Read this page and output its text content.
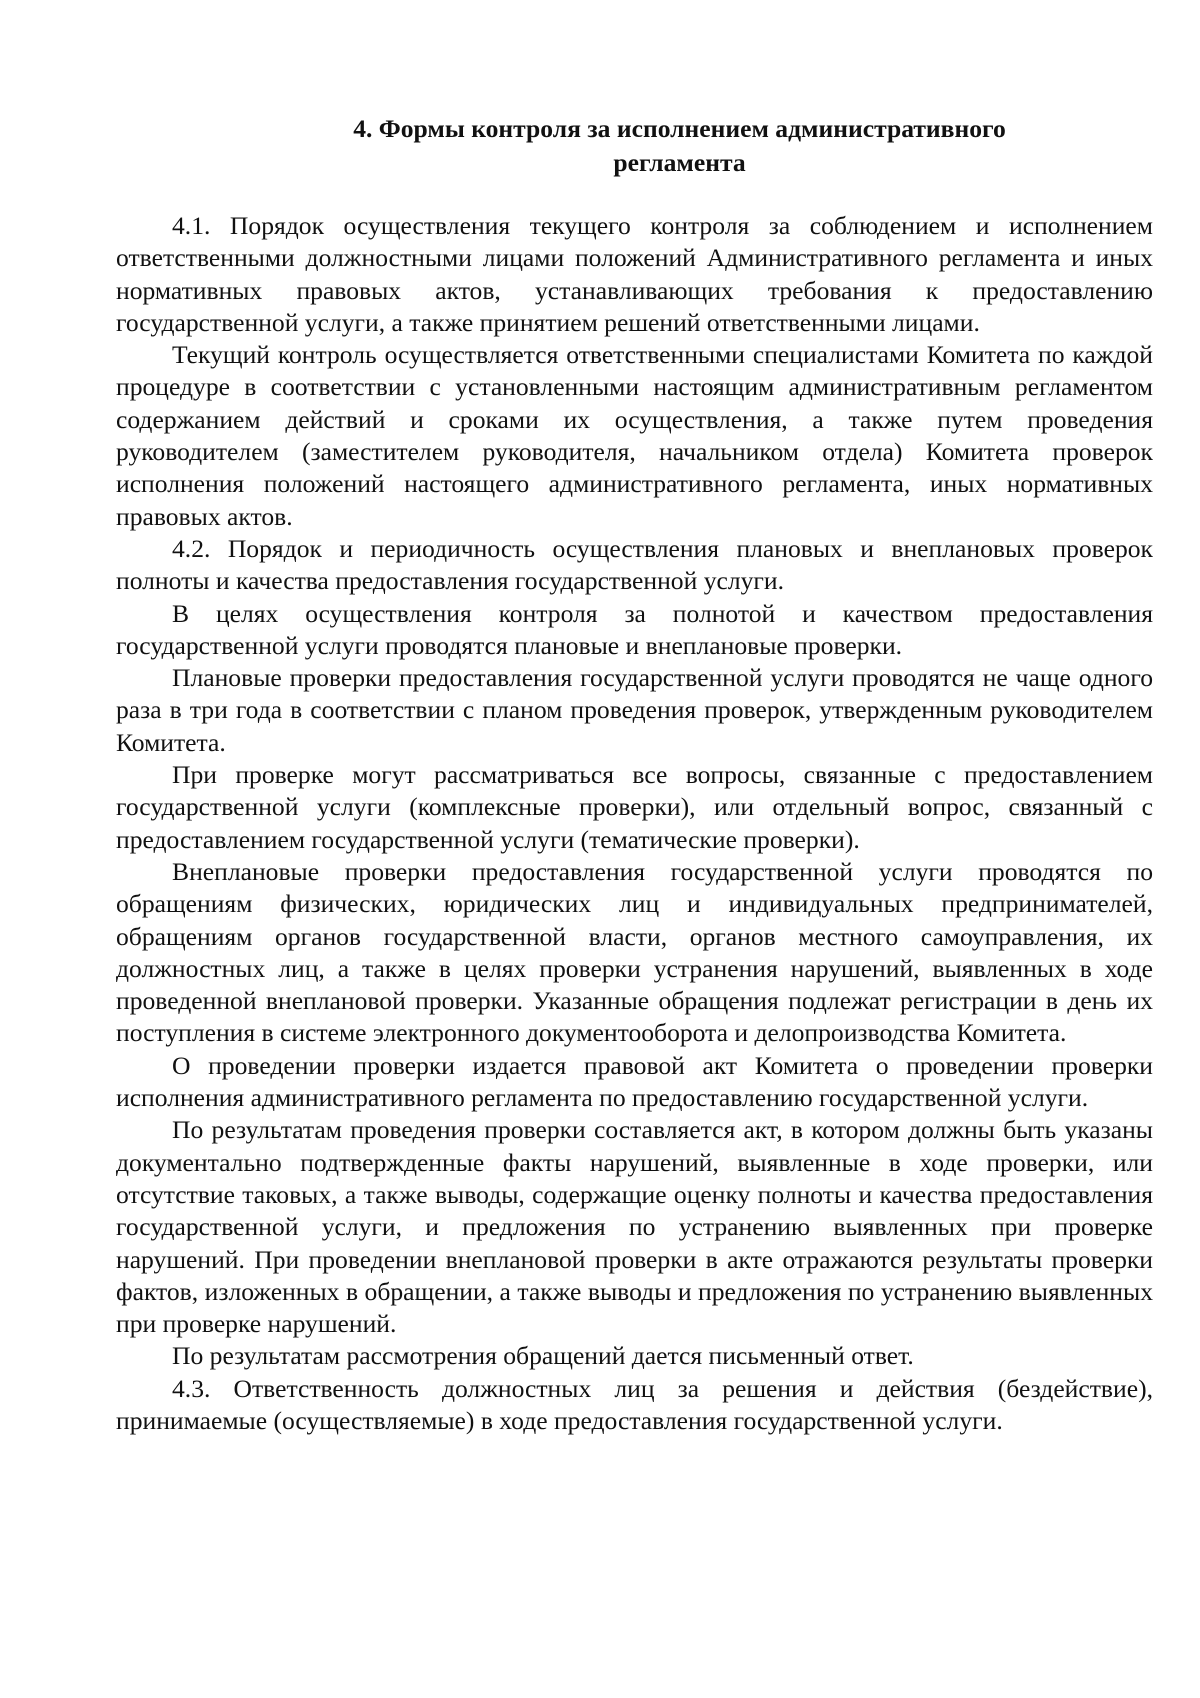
4. Формы контроля за исполнением административного
регламента

4.1. Порядок осуществления текущего контроля за соблюдением и исполнением ответственными должностными лицами положений Административного регламента и иных нормативных правовых актов, устанавливающих требования к предоставлению государственной услуги, а также принятием решений ответственными лицами.

Текущий контроль осуществляется ответственными специалистами Комитета по каждой процедуре в соответствии с установленными настоящим административным регламентом содержанием действий и сроками их осуществления, а также путем проведения руководителем (заместителем руководителя, начальником отдела) Комитета проверок исполнения положений настоящего административного регламента, иных нормативных правовых актов.

4.2. Порядок и периодичность осуществления плановых и внеплановых проверок полноты и качества предоставления государственной услуги.

В целях осуществления контроля за полнотой и качеством предоставления государственной услуги проводятся плановые и внеплановые проверки.

Плановые проверки предоставления государственной услуги проводятся не чаще одного раза в три года в соответствии с планом проведения проверок, утвержденным руководителем Комитета.

При проверке могут рассматриваться все вопросы, связанные с предоставлением государственной услуги (комплексные проверки), или отдельный вопрос, связанный с предоставлением государственной услуги (тематические проверки).

Внеплановые проверки предоставления государственной услуги проводятся по обращениям физических, юридических лиц и индивидуальных предпринимателей, обращениям органов государственной власти, органов местного самоуправления, их должностных лиц, а также в целях проверки устранения нарушений, выявленных в ходе проведенной внеплановой проверки. Указанные обращения подлежат регистрации в день их поступления в системе электронного документооборота и делопроизводства Комитета.

О проведении проверки издается правовой акт Комитета о проведении проверки исполнения административного регламента по предоставлению государственной услуги.

По результатам проведения проверки составляется акт, в котором должны быть указаны документально подтвержденные факты нарушений, выявленные в ходе проверки, или отсутствие таковых, а также выводы, содержащие оценку полноты и качества предоставления государственной услуги, и предложения по устранению выявленных при проверке нарушений. При проведении внеплановой проверки в акте отражаются результаты проверки фактов, изложенных в обращении, а также выводы и предложения по устранению выявленных при проверке нарушений.

По результатам рассмотрения обращений дается письменный ответ.

4.3. Ответственность должностных лиц за решения и действия (бездействие), принимаемые (осуществляемые) в ходе предоставления государственной услуги.
